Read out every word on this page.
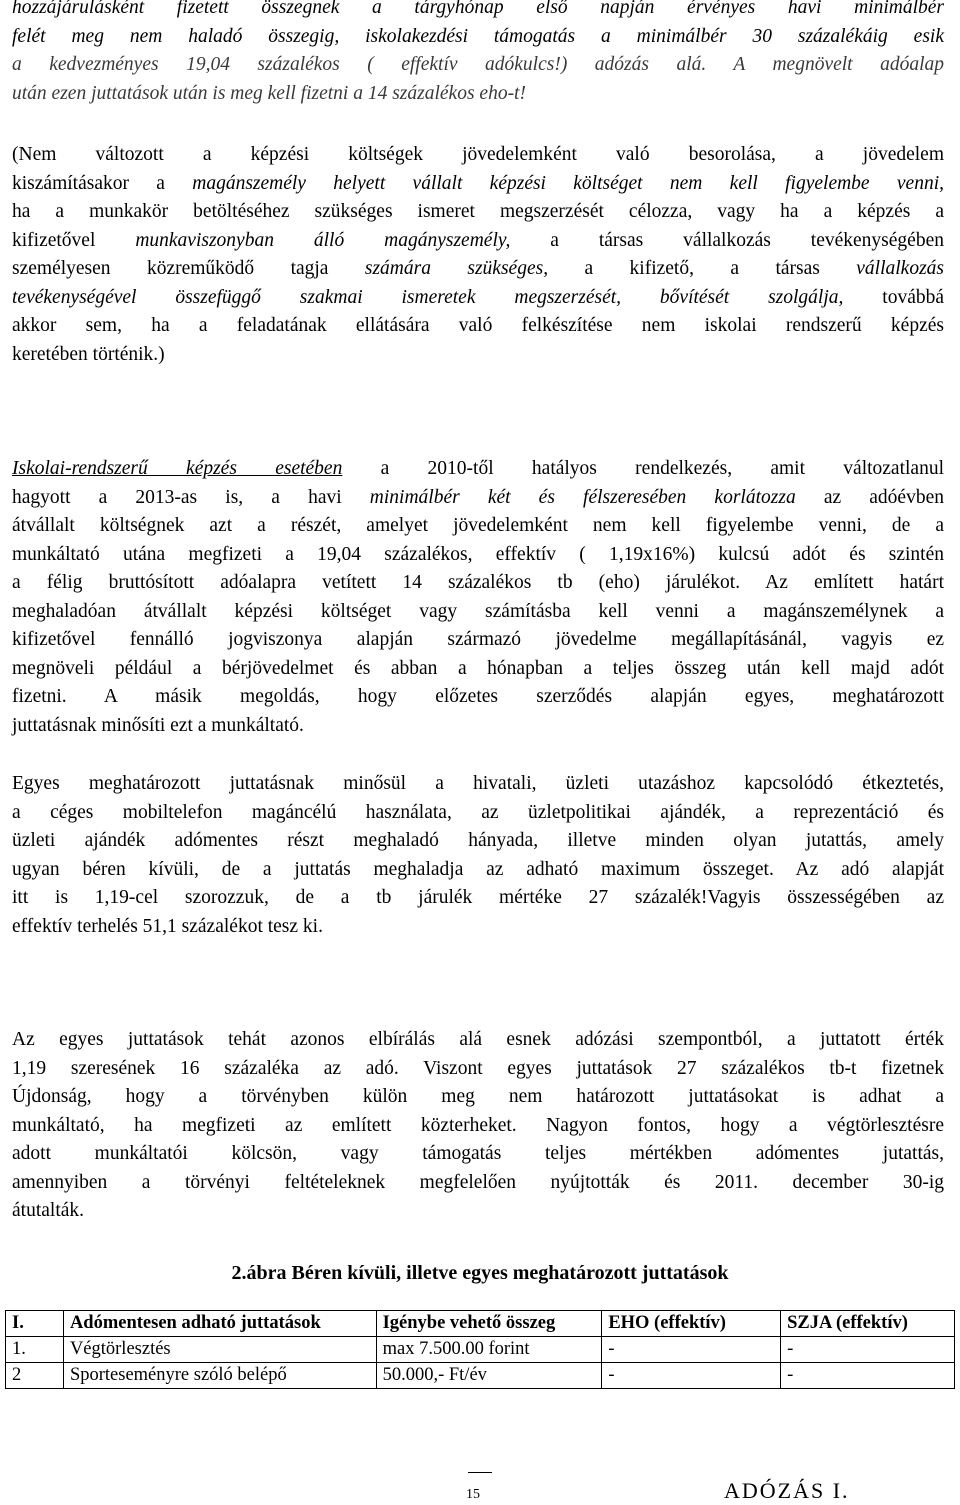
hozzájárulásként fizetett összegnek a tárgyhónap első napján érvényes havi minimálbér
felét meg nem haladó összegig, iskolakezdési támogatás a minimálbér 30 százalékáig esik
a kedvezményes 19,04 százalékos ( effektív adókulcs!) adózás alá. A megnövelt adóalap
után ezen juttatások után is meg kell fizetni a 14 százalékos eho-t!
(Nem változott a képzési költségek jövedelemként való besorolása, a jövedelem
kiszámításakor a magánszemély helyett vállalt képzési költséget nem kell figyelembe venni,
ha a munkakör betöltéséhez szükséges ismeret megszerzését célozza, vagy ha a képzés a
kifizetővel munkaviszonyban álló magányszemély, a társas vállalkozás tevékenységében
személyesen közreműködő tagja számára szükséges, a kifizető, a társas vállalkozás
tevékenységével összefüggő szakmai ismeretek megszerzését, bővítését szolgálja, továbbá
akkor sem, ha a feladatának ellátására való felkészítése nem iskolai rendszerű képzés
keretében történik.)
Iskolai-rendszerű képzés esetében a 2010-től hatályos rendelkezés, amit változatlanul
hagyott a 2013-as is, a havi minimálbér két és félszeresében korlátozza az adóévben
átvállalt költségnek azt a részét, amelyet jövedelemként nem kell figyelembe venni, de a
munkáltató utána megfizeti a 19,04 százalékos, effektív ( 1,19x16%) kulcsú adót és szintén
a félig bruttósított adóalapra vetített 14 százalékos tb (eho) járulékot. Az említett határt
meghaladóan átvállalt képzési költséget vagy számításba kell venni a magánszemélynek a
kifizetővel fennálló jogviszonya alapján származó jövedelme megállapításánál, vagyis ez
megnöveli például a bérjövedelmet és abban a hónapban a teljes összeg után kell majd adót
fizetni. A másik megoldás, hogy előzetes szerződés alapján egyes, meghatározott
juttatásnak minősíti ezt a munkáltató.
Egyes meghatározott juttatásnak minősül a hivatali, üzleti utazáshoz kapcsolódó étkeztetés,
a céges mobiltelefon magáncélú használata, az üzletpolitikai ajándék, a reprezentáció és
üzleti ajándék adómentes részt meghaladó hányada, illetve minden olyan jutattás, amely
ugyan béren kívüli, de a juttatás meghaladja az adható maximum összeget. Az adó alapját
itt is 1,19-cel szorozzuk, de a tb járulék mértéke 27 százalék!Vagyis összességében az
effektív terhelés 51,1 százalékot tesz ki.
Az egyes juttatások tehát azonos elbírálás alá esnek adózási szempontból, a juttatott érték
1,19 szeresének 16 százaléka az adó. Viszont egyes juttatások 27 százalékos tb-t fizetnek
Újdonság, hogy a törvényben külön meg nem határozott juttatásokat is adhat a
munkáltató, ha megfizeti az említett közterheket. Nagyon fontos, hogy a végtörlesztésre
adott munkáltatói kölcsön, vagy támogatás teljes mértékben adómentes jutattás,
amennyiben a törvényi feltételeknek megfelelően nyújtották és 2011. december 30-ig
átutalták.

2.ábra Béren kívüli, illetve egyes meghatározott juttatások

I.	Adómentesen adható juttatások	Igénybe vehető összeg	EHO (effektív)	SZJA (effektív)
1.	Végtörlesztés	max 7.500.00 forint	-	-
2	Sporteseményre szóló belépő	50.000,- Ft/év	-	-
15	ADÓZÁS I.
